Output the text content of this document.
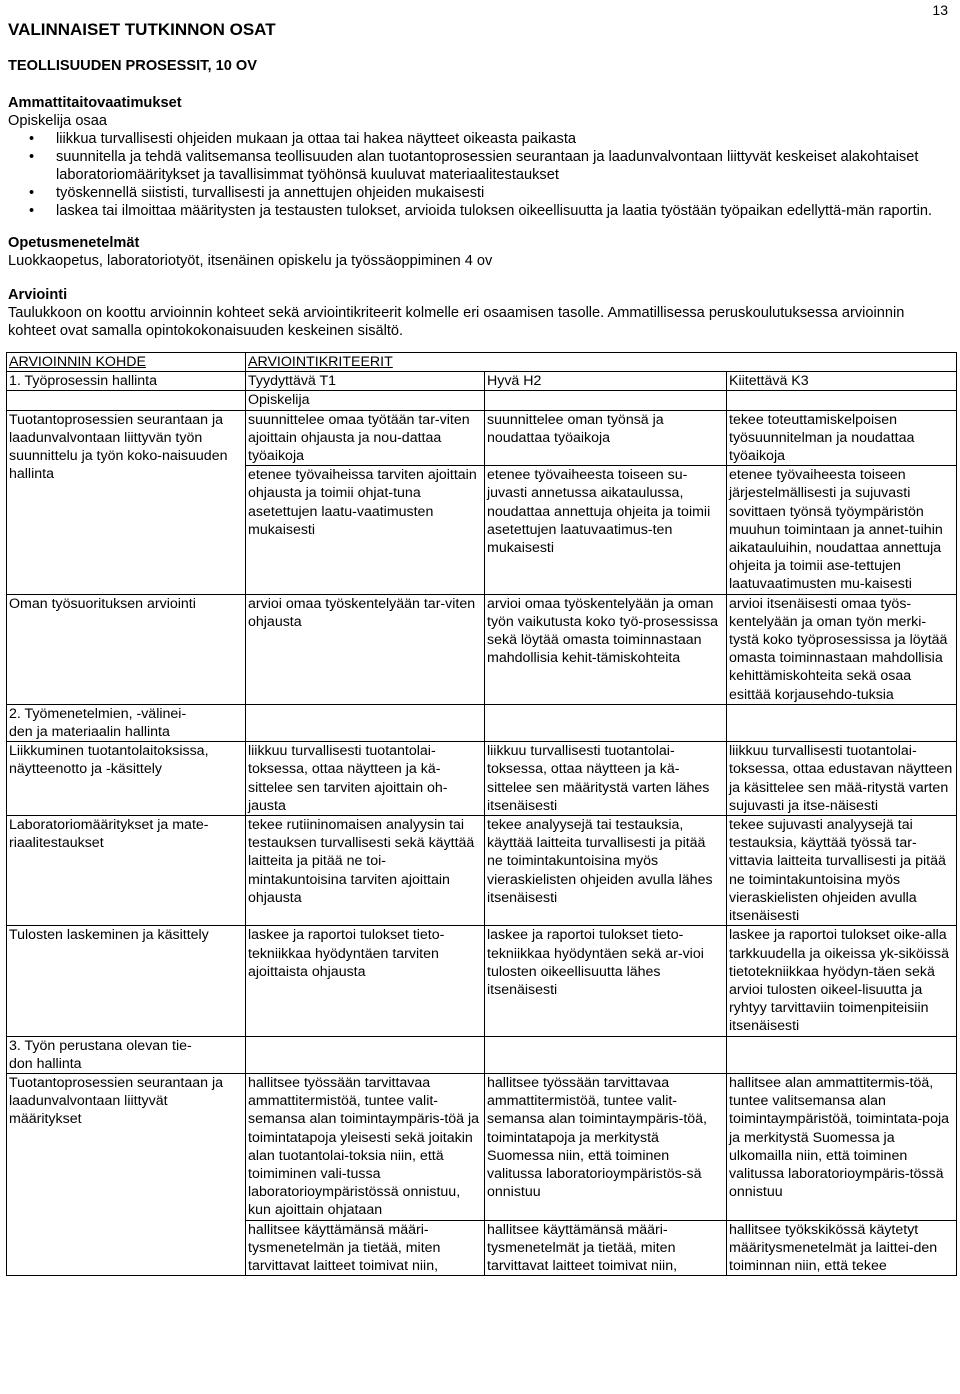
13
VALINNAISET TUTKINNON OSAT
TEOLLISUUDEN PROSESSIT, 10 OV
Ammattitaitovaatimukset
Opiskelija osaa
• liikkua turvallisesti ohjeiden mukaan ja ottaa tai hakea näytteet oikeasta paikasta
• suunnitella ja tehdä valitsemansa teollisuuden alan tuotantoprosessien seurantaan ja laadunvalvontaan liittyvät keskeiset alakohtaiset laboratoriomääritykset ja tavallisimmat työhönsä kuuluvat materiaalitestaukset
• työskennellä siististi, turvallisesti ja annettujen ohjeiden mukaisesti
• laskea tai ilmoittaa määritysten ja testausten tulokset, arvioida tuloksen oikeellisuutta ja laatia työstään työpaikan edellyttä-män raportin.
Opetusmenetelmät
Luokkaopetus, laboratoriotyöt, itsenäinen opiskelu ja työssäoppiminen 4 ov
Arviointi
Taulukkoon on koottu arvioinnin kohteet sekä arviointikriteerit kolmelle eri osaamisen tasolle. Ammatillisessa peruskoulutuksessa arvioinnin kohteet ovat samalla opintokokonaisuuden keskeinen sisältö.
ARVIOINNIN KOHDE	ARVIOINTIKRITEERIT		
1. Työprosessin hallinta	Tyydyttävä T1	Hyvä H2	Kiitettävä K3
	Opiskelija		
Tuotantoprosessien seurantaan ja laadunvalvontaan liittyvän työn suunnittelu ja työn koko-naisuuden hallinta	suunnittelee omaa työtään tar-viten ajoittain ohjausta ja nou-dattaa työaikoja	suunnittelee oman työnsä ja noudattaa työaikoja	tekee toteuttamiskelpoisen työsuunnitelman ja noudattaa työaikoja
	etenee työvaiheissa tarviten ajoittain ohjausta ja toimii ohjat-tuna asetettujen laatu-vaatimusten mukaisesti	etenee työvaiheesta toiseen su-juvasti annetussa aikataulussa, noudattaa annettuja ohjeita ja toimii asetettujen laatuvaatimus-ten mukaisesti	etenee työvaiheesta toiseen järjestelmällisesti ja sujuvasti sovittaen työnsä työympäristön muuhun toimintaan ja annet-tuihin aikatauluihin, noudattaa annettuja ohjeita ja toimii ase-tettujen laatuvaatimusten mu-kaisesti
Oman työsuorituksen arviointi	arvioi omaa työskentelyään tar-viten ohjausta	arvioi omaa työskentelyään ja oman työn vaikutusta koko työ-prosessissa sekä löytää omasta toiminnastaan mahdollisia kehit-tämiskohteita	arvioi itsenäisesti omaa työs-kentelyään ja oman työn merki-tystä koko työprosessissa ja löytää omasta toiminnastaan mahdollisia kehittämiskohteita sekä osaa esittää korjausehdo-tuksia

2. Työmenetelmien, -välinei-
den ja materiaalin hallinta			

Liikkuminen tuotantolaitoksissa, näytteenotto ja -käsittely	liikkuu turvallisesti tuotantolai-toksessa, ottaa näytteen ja kä-sittelee sen tarviten ajoittain oh-jausta	liikkuu turvallisesti tuotantolai-toksessa, ottaa näytteen ja kä-sittelee sen määritystä varten lähes itsenäisesti	liikkuu turvallisesti tuotantolai-toksessa, ottaa edustavan näytteen ja käsittelee sen mää-ritystä varten sujuvasti ja itse-näisesti
Laboratoriomääritykset ja mate-riaalitestaukset	tekee rutiininomaisen analyysin tai testauksen turvallisesti sekä käyttää laitteita ja pitää ne toi-mintakuntoisina tarviten ajoittain ohjausta	tekee analyysejä tai testauksia, käyttää laitteita turvallisesti ja pitää ne toimintakuntoisina myös vieraskielisten ohjeiden avulla lähes itsenäisesti	tekee sujuvasti analyysejä tai testauksia, käyttää työssä tar-vittavia laitteita turvallisesti ja pitää ne toimintakuntoisina myös vieraskielisten ohjeiden avulla itsenäisesti
Tulosten laskeminen ja käsittely	laskee ja raportoi tulokset tieto-tekniikkaa hyödyntäen tarviten ajoittaista ohjausta	laskee ja raportoi tulokset tieto-tekniikkaa hyödyntäen sekä ar-vioi tulosten oikeellisuutta lähes itsenäisesti	laskee ja raportoi tulokset oike-alla tarkkuudella ja oikeissa yk-siköissä tietotekniikkaa hyödyn-täen sekä arvioi tulosten oikeel-lisuutta ja ryhtyy tarvittaviin toimenpiteisiin itsenäisesti

3. Työn perustana olevan tie-
don hallinta			

Tuotantoprosessien seurantaan ja laadunvalvontaan liittyvät määritykset	hallitsee työssään tarvittavaa ammattitermistöä, tuntee valit-semansa alan toimintaympäris-töä ja toimintatapoja yleisesti sekä joitakin alan tuotantolai-toksia niin, että toimiminen vali-tussa laboratorioympäristössä onnistuu, kun ajoittain ohjataan	hallitsee työssään tarvittavaa ammattitermistöä, tuntee valit-semansa alan toimintaympäris-töä, toimintatapoja ja merkitystä Suomessa niin, että toiminen valitussa laboratorioympäristös-sä onnistuu	hallitsee alan ammattitermis-töä, tuntee valitsemansa alan toimintaympäristöä, toimintata-poja ja merkitystä Suomessa ja ulkomailla niin, että toiminen valitussa laboratorioympäris-tössä onnistuu
	hallitsee käyttämänsä määri-tysmenetelmän ja tietää, miten tarvittavat laitteet toimivat niin,	hallitsee käyttämänsä määri-tysmenetelmät ja tietää, miten tarvittavat laitteet toimivat niin,	hallitsee työkskikössä käytetyt määritysmenetelmät ja laittei-den toiminnan niin, että tekee
